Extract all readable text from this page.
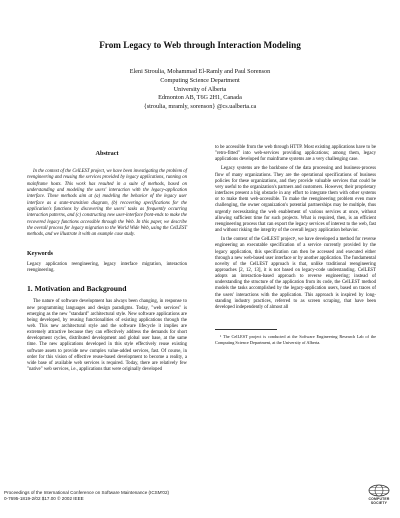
From Legacy to Web through Interaction Modeling
Eleni Stroulia, Mohammad El-Ramly and Paul Sorenson
Computing Science Department
University of Alberta
Edmonton AB, T6G 2H1, Canada
{stroulia, mramly, sorenson} @cs.ualberta.ca
Abstract
In the context of the CelLEST project, we have been investigating the problem of reengineering and reusing the services provided by legacy applications, running on mainframe hosts. This work has resulted in a suite of methods, based on understanding and modeling the users' interaction with the legacy-application interface. These methods aim at (a) modeling the behavior of the legacy user interface as a state-transition diagram, (b) recovering specifications for the application's functions by discovering the users' tasks as frequently occurring interaction patterns, and (c) constructing new user-interface front-ends to make the recovered legacy functions accessible through the Web. In this paper, we describe the overall process for legacy migration to the World Wide Web, using the CelLEST methods, and we illustrate it with an example case study.
Keywords
Legacy application reengineering, legacy interface migration, interaction reengineering.
1. Motivation and Background

The nature of software development has always been changing, in response to new programming languages and design paradigms. Today, "web services" is emerging as the new "standard" architectural style. New software applications are being developed, by reusing functionalities of existing applications through the web. This new architectural style and the software lifecycle it implies are extremely attractive because they can effectively address the demands for short development cycles, distributed development and global user base, at the same time. The new applications developed in this style effectively reuse existing software assets to provide new complex value-added services, fast. Of course, in order for this vision of effective reuse-based development to become a reality, a wide base of available web services is required. Today, there are relatively few "native" web services, i.e., applications that were originally developed

to be accessible from the web through HTTP. Most existing applications have to be "retro-fitted" into web-services providing applications; among them, legacy applications developed for mainframe systems are a very challenging case.

Legacy systems are the backbone of the data processing and business-process flow of many organizations. They are the operational specifications of business policies for these organizations, and they provide valuable services that could be very useful to the organization's partners and customers. However, their proprietary interfaces present a big obstacle in any effort to integrate them with other systems or to make them web-accessible. To make the reengineering problem even more challenging, the owner organization's potential partnerships may be multiple, thus urgently necessitating the web enablement of various services at once, without allowing sufficient time for such projects. What is required, then, is an efficient reengineering process that can export the legacy services of interest to the web, fast and without risking the integrity of the overall legacy application behavior.

In the context of the CelLEST project¹, we have developed a method for reverse engineering an executable specification of a service currently provided by the legacy application, this specification can then be accessed and executed either through a new web-based user interface or by another application. The fundamental novelty of the CelLEST approach is that, unlike traditional reengineering approaches [2, 12, 13], it is not based on legacy-code understanding. CelLEST adopts an interaction-based approach to reverse engineering; instead of understanding the structure of the application from its code, the CelLEST method models the tasks accomplished by the legacy-application users, based on traces of the users' interactions with the application. This approach is inspired by long-standing industry practices, referred to as screen scraping, that have been developed independently of almost all

¹ The CelLEST project is conducted at the Software Engineering Research Lab of the Computing Science Department, at the University of Alberta.
Proceedings of the International Conference on Software Maintenance (ICSM'02)
0-7695-1819-2/02 $17.00 © 2002 IEEE	COMPUTER
SOCIETY
